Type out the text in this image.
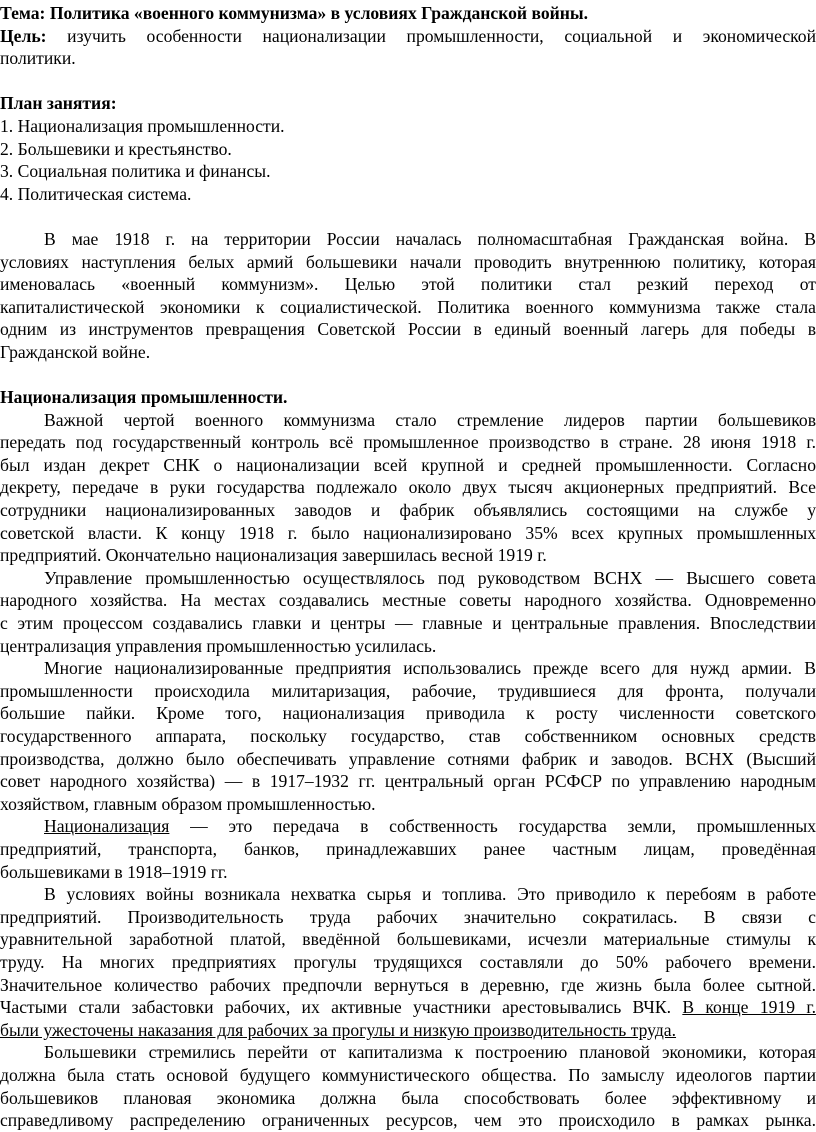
Тема: Политика «военного коммунизма» в условиях Гражданской войны.

Цель: изучить особенности национализации промышленности, социальной и экономической
политики.

План занятия:
1. Национализация промышленности.
2. Большевики и крестьянство.
3. Социальная политика и финансы.
4. Политическая система.

В мае 1918 г. на территории России началась полномасштабная Гражданская война. В
условиях наступления белых армий большевики начали проводить внутреннюю политику, которая
именовалась «военный коммунизм». Целью этой политики стал резкий переход от
капиталистической экономики к социалистической. Политика военного коммунизма также стала
одним из инструментов превращения Советской России в единый военный лагерь для победы в
Гражданской войне.

Национализация промышленности.

Важной чертой военного коммунизма стало стремление лидеров партии большевиков
передать под государственный контроль всё промышленное производство в стране. 28 июня 1918 г.
был издан декрет СНК о национализации всей крупной и средней промышленности. Согласно
декрету, передаче в руки государства подлежало около двух тысяч акционерных предприятий. Все
сотрудники национализированных заводов и фабрик объявлялись состоящими на службе у
советской власти. К концу 1918 г. было национализировано 35% всех крупных промышленных
предприятий. Окончательно национализация завершилась весной 1919 г.

Управление промышленностью осуществлялось под руководством ВСНХ — Высшего совета
народного хозяйства. На местах создавались местные советы народного хозяйства. Одновременно
с этим процессом создавались главки и центры — главные и центральные правления. Впоследствии
централизация управления промышленностью усилилась.

Многие национализированные предприятия использовались прежде всего для нужд армии. В
промышленности происходила милитаризация, рабочие, трудившиеся для фронта, получали
большие пайки. Кроме того, национализация приводила к росту численности советского
государственного аппарата, поскольку государство, став собственником основных средств
производства, должно было обеспечивать управление сотнями фабрик и заводов. ВСНХ (Высший
совет народного хозяйства) — в 1917–1932 гг. центральный орган РСФСР по управлению народным
хозяйством, главным образом промышленностью.

Национализация — это передача в собственность государства земли, промышленных
предприятий, транспорта, банков, принадлежавших ранее частным лицам, проведённая
большевиками в 1918–1919 гг.

В условиях войны возникала нехватка сырья и топлива. Это приводило к перебоям в работе
предприятий. Производительность труда рабочих значительно сократилась. В связи с
уравнительной заработной платой, введённой большевиками, исчезли материальные стимулы к
труду. На многих предприятиях прогулы трудящихся составляли до 50% рабочего времени.
Значительное количество рабочих предпочли вернуться в деревню, где жизнь была более сытной.
Частыми стали забастовки рабочих, их активные участники арестовывались ВЧК. В конце 1919 г.
были ужесточены наказания для рабочих за прогулы и низкую производительность труда.

Большевики стремились перейти от капитализма к построению плановой экономики, которая
должна была стать основой будущего коммунистического общества. По замыслу идеологов партии
большевиков плановая экономика должна была способствовать более эффективному и
справедливому распределению ограниченных ресурсов, чем это происходило в рамках рынка.
